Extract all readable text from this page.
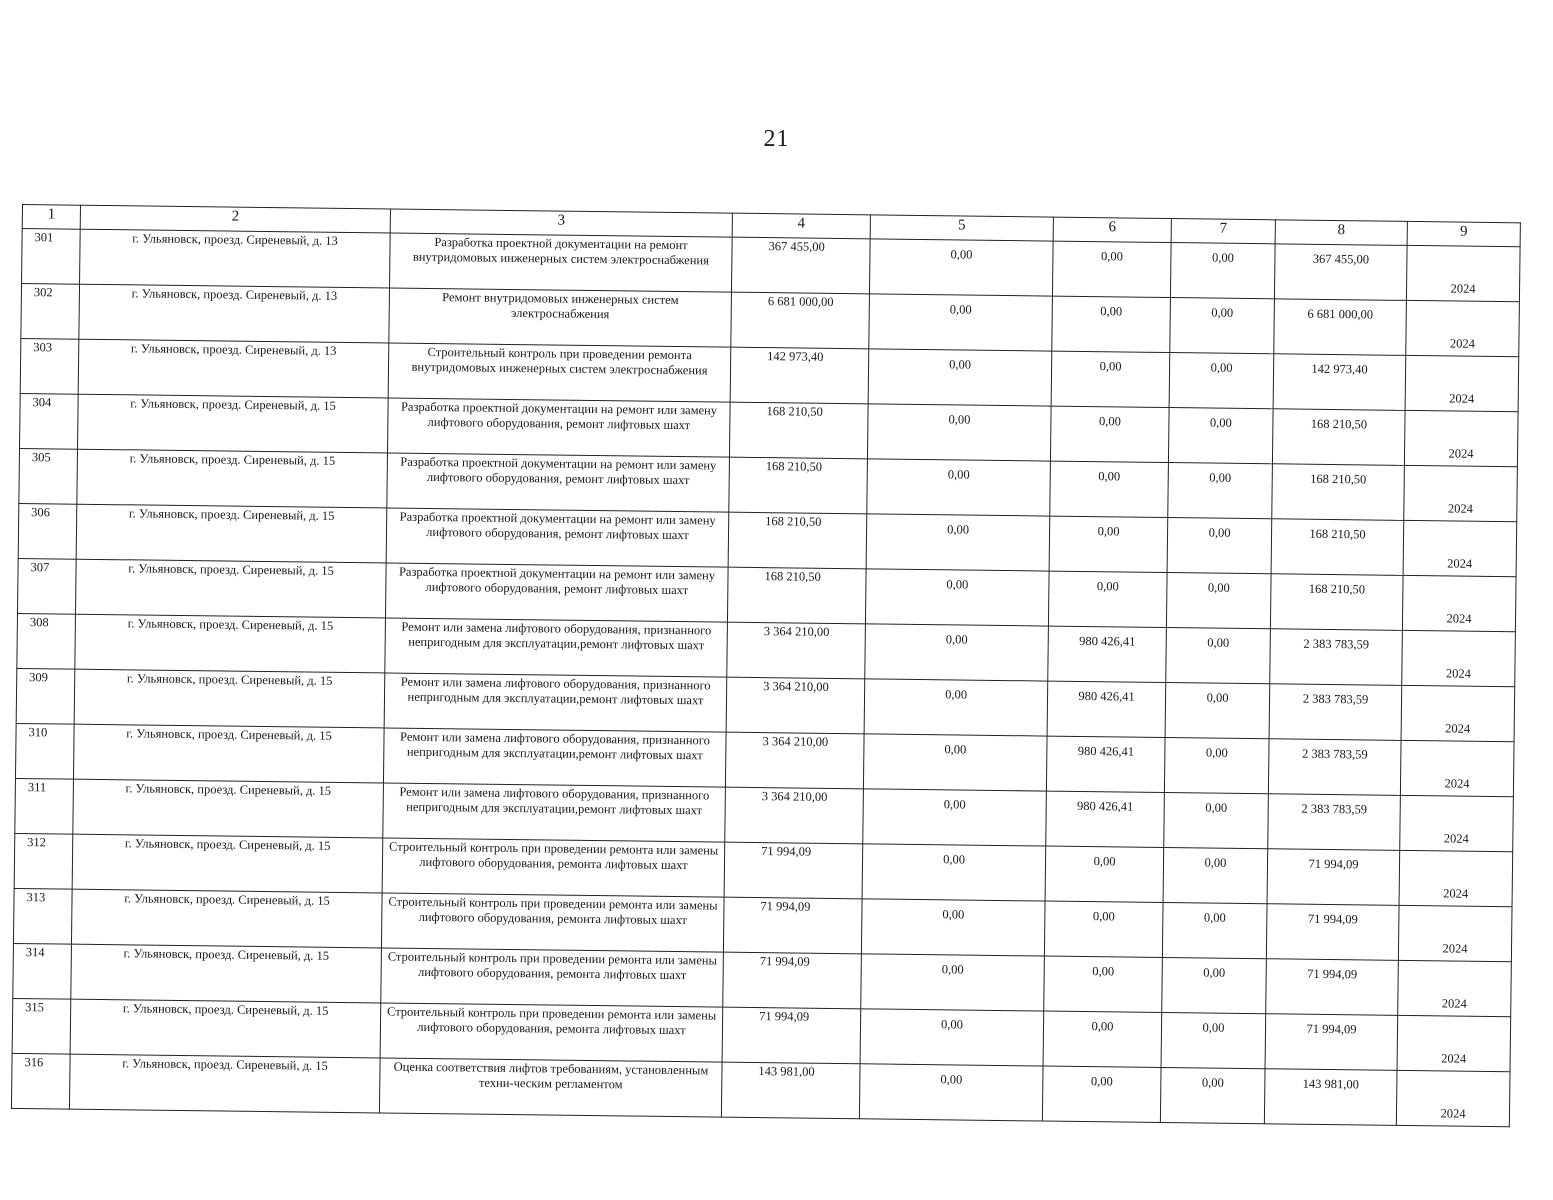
21
1	2	3	4	5	6	7	8	9
301	г. Ульяновск, проезд. Сиреневый, д. 13	Разработка проектной документации на ремонт внутридомовых инженерных систем электроснабжения	367 455,00	0,00	0,00	0,00	367 455,00	2024
302	г. Ульяновск, проезд. Сиреневый, д. 13	Ремонт внутридомовых инженерных систем электроснабжения	6 681 000,00	0,00	0,00	0,00	6 681 000,00	2024
303	г. Ульяновск, проезд. Сиреневый, д. 13	Строительный контроль при проведении ремонта внутридомовых инженерных систем электроснабжения	142 973,40	0,00	0,00	0,00	142 973,40	2024
304	г. Ульяновск, проезд. Сиреневый, д. 15	Разработка проектной документации на ремонт или замену лифтового оборудования, ремонт лифтовых шахт	168 210,50	0,00	0,00	0,00	168 210,50	2024
305	г. Ульяновск, проезд. Сиреневый, д. 15	Разработка проектной документации на ремонт или замену лифтового оборудования, ремонт лифтовых шахт	168 210,50	0,00	0,00	0,00	168 210,50	2024
306	г. Ульяновск, проезд. Сиреневый, д. 15	Разработка проектной документации на ремонт или замену лифтового оборудования, ремонт лифтовых шахт	168 210,50	0,00	0,00	0,00	168 210,50	2024
307	г. Ульяновск, проезд. Сиреневый, д. 15	Разработка проектной документации на ремонт или замену лифтового оборудования, ремонт лифтовых шахт	168 210,50	0,00	0,00	0,00	168 210,50	2024
308	г. Ульяновск, проезд. Сиреневый, д. 15	Ремонт или замена лифтового оборудования, признанного непригодным для эксплуатации,ремонт лифтовых шахт	3 364 210,00	0,00	980 426,41	0,00	2 383 783,59	2024
309	г. Ульяновск, проезд. Сиреневый, д. 15	Ремонт или замена лифтового оборудования, признанного непригодным для эксплуатации,ремонт лифтовых шахт	3 364 210,00	0,00	980 426,41	0,00	2 383 783,59	2024
310	г. Ульяновск, проезд. Сиреневый, д. 15	Ремонт или замена лифтового оборудования, признанного непригодным для эксплуатации,ремонт лифтовых шахт	3 364 210,00	0,00	980 426,41	0,00	2 383 783,59	2024
311	г. Ульяновск, проезд. Сиреневый, д. 15	Ремонт или замена лифтового оборудования, признанного непригодным для эксплуатации,ремонт лифтовых шахт	3 364 210,00	0,00	980 426,41	0,00	2 383 783,59	2024
312	г. Ульяновск, проезд. Сиреневый, д. 15	Строительный контроль при проведении ремонта или замены лифтового оборудования, ремонта лифтовых шахт	71 994,09	0,00	0,00	0,00	71 994,09	2024
313	г. Ульяновск, проезд. Сиреневый, д. 15	Строительный контроль при проведении ремонта или замены лифтового оборудования, ремонта лифтовых шахт	71 994,09	0,00	0,00	0,00	71 994,09	2024
314	г. Ульяновск, проезд. Сиреневый, д. 15	Строительный контроль при проведении ремонта или замены лифтового оборудования, ремонта лифтовых шахт	71 994,09	0,00	0,00	0,00	71 994,09	2024
315	г. Ульяновск, проезд. Сиреневый, д. 15	Строительный контроль при проведении ремонта или замены лифтового оборудования, ремонта лифтовых шахт	71 994,09	0,00	0,00	0,00	71 994,09	2024
316	г. Ульяновск, проезд. Сиреневый, д. 15	Оценка соответствия лифтов требованиям, установленным техни-ческим регламентом	143 981,00	0,00	0,00	0,00	143 981,00	2024
